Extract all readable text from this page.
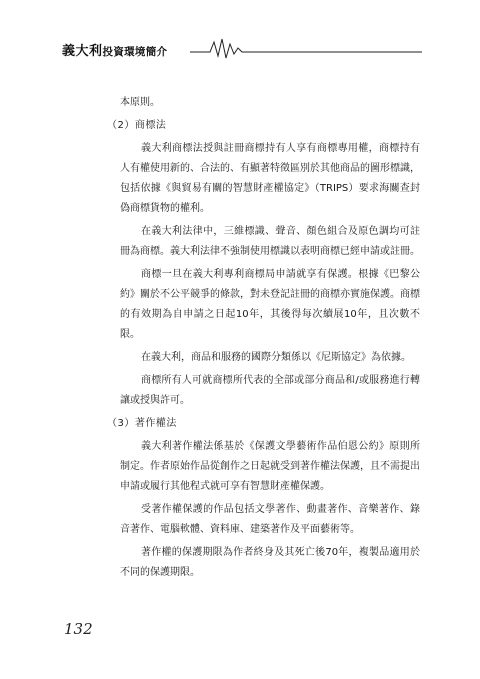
義大利投資環境簡介

本原則。

（2）商標法

義大利商標法授與註冊商標持有人享有商標專用權，商標持有人有權使用新的、合法的、有顯著特徵區別於其他商品的圖形標識，包括依據《與貿易有關的智慧財產權協定》（TRIPS）要求海關查封偽商標貨物的權利。

在義大利法律中，三維標識、聲音、顏色組合及原色調均可註冊為商標。義大利法律不強制使用標識以表明商標已經申請或註冊。

商標一旦在義大利專利商標局申請就享有保護。根據《巴黎公約》關於不公平競爭的條款，對未登記註冊的商標亦實施保護。商標的有效期為自申請之日起10年，其後得每次續展10年，且次數不限。

在義大利，商品和服務的國際分類係以《尼斯協定》為依據。

商標所有人可就商標所代表的全部或部分商品和/或服務進行轉讓或授與許可。

（3）著作權法

義大利著作權法係基於《保護文學藝術作品伯恩公約》原則所制定。作者原始作品從創作之日起就受到著作權法保護，且不需提出申請或履行其他程式就可享有智慧財產權保護。

受著作權保護的作品包括文學著作、動畫著作、音樂著作、錄音著作、電腦軟體、資料庫、建築著作及平面藝術等。

著作權的保護期限為作者終身及其死亡後70年，複製品適用於不同的保護期限。

132
